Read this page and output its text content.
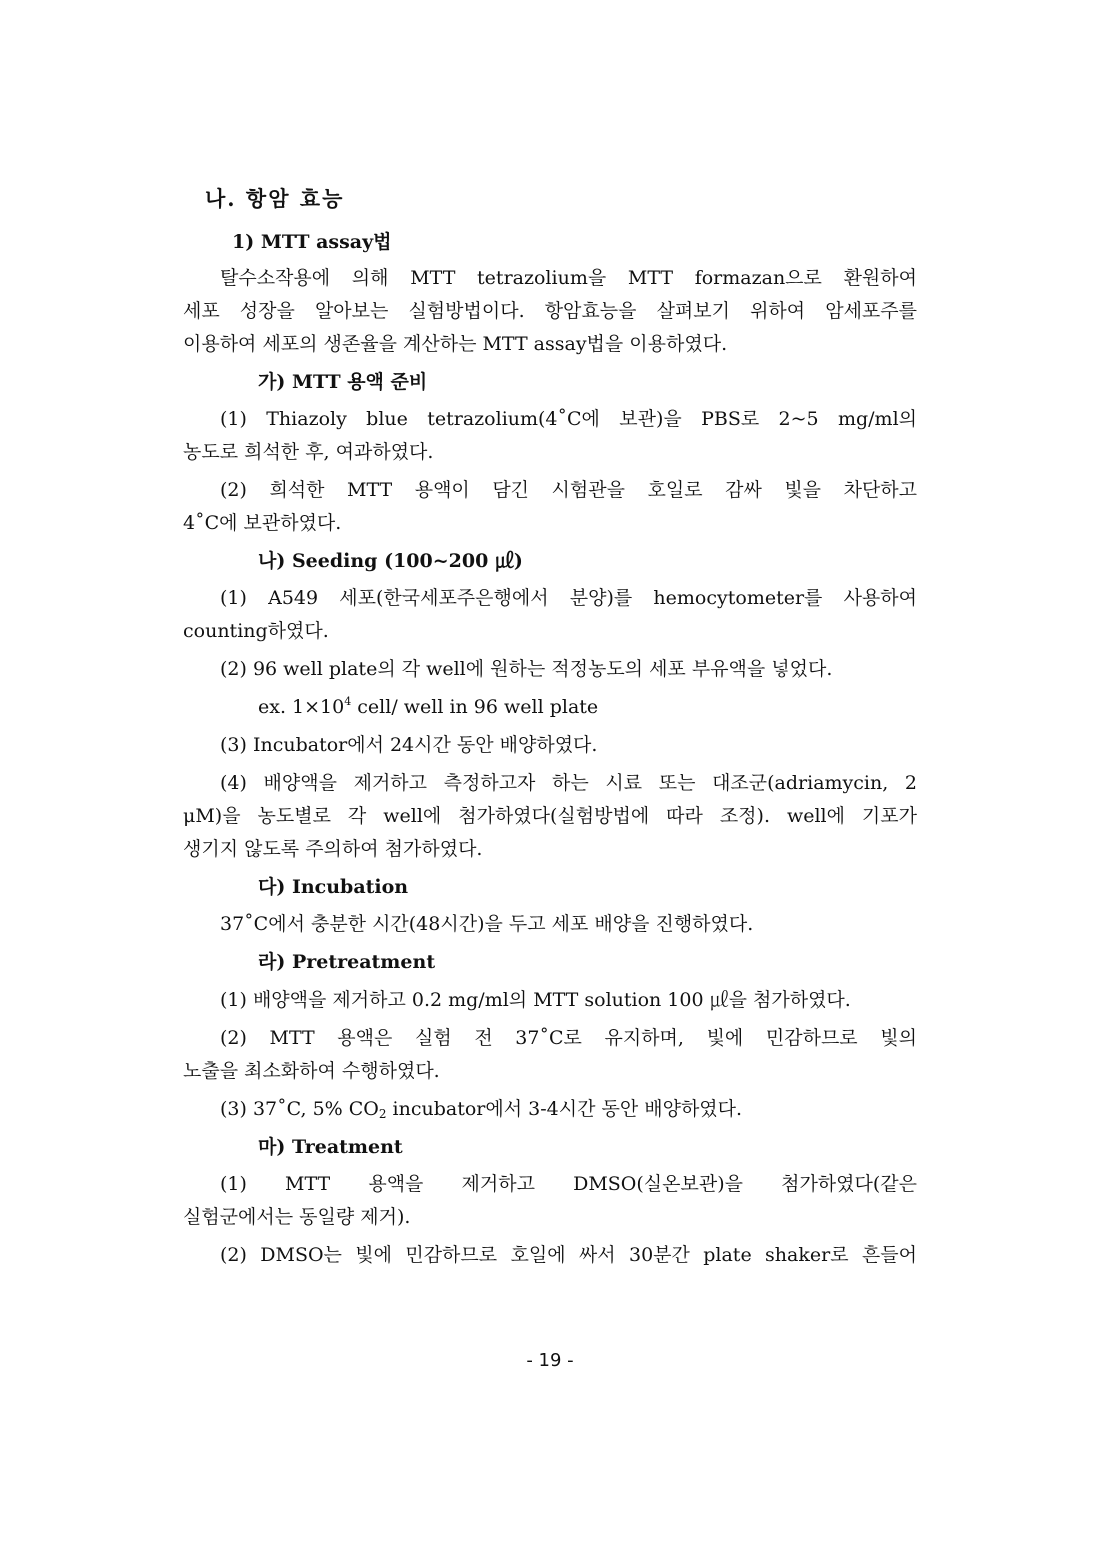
나. 항암 효능
1) MTT assay법
탈수소작용에 의해 MTT tetrazolium을 MTT formazan으로 환원하여
세포 성장을 알아보는 실험방법이다. 항암효능을 살펴보기 위하여 암세포주를
이용하여 세포의 생존율을 계산하는 MTT assay법을 이용하였다.
가) MTT 용액 준비
(1) Thiazoly blue tetrazolium(4˚C에 보관)을 PBS로 2~5 mg/ml의
농도로 희석한 후, 여과하였다.
(2) 희석한 MTT 용액이 담긴 시험관을 호일로 감싸 빛을 차단하고
4˚C에 보관하였다.
나) Seeding (100~200 ㎕)
(1) A549 세포(한국세포주은행에서 분양)를 hemocytometer를 사용하여
counting하였다.
(2) 96 well plate의 각 well에 원하는 적정농도의 세포 부유액을 넣었다.
ex. $1\times 10^4$ cell/ well in 96 well plate
(3) Incubator에서 24시간 동안 배양하였다.
(4) 배양액을 제거하고 측정하고자 하는 시료 또는 대조군(adriamycin, 2
μM)을 농도별로 각 well에 첨가하였다(실험방법에 따라 조정). well에 기포가
생기지 않도록 주의하여 첨가하였다.
다) Incubation
37˚C에서 충분한 시간(48시간)을 두고 세포 배양을 진행하였다.
라) Pretreatment
(1) 배양액을 제거하고 0.2 mg/ml의 MTT solution 100 ㎕을 첨가하였다.
(2) MTT 용액은 실험 전 37˚C로 유지하며, 빛에 민감하므로 빛의
노출을 최소화하여 수행하였다.
(3) 37˚C, 5% $CO_2$ incubator에서 3-4시간 동안 배양하였다.
마) Treatment
(1) MTT 용액을 제거하고 DMSO(실온보관)을 첨가하였다(같은
실험군에서는 동일량 제거).
(2) DMSO는 빛에 민감하므로 호일에 싸서 30분간 plate shaker로 흔들어
- 19 -
